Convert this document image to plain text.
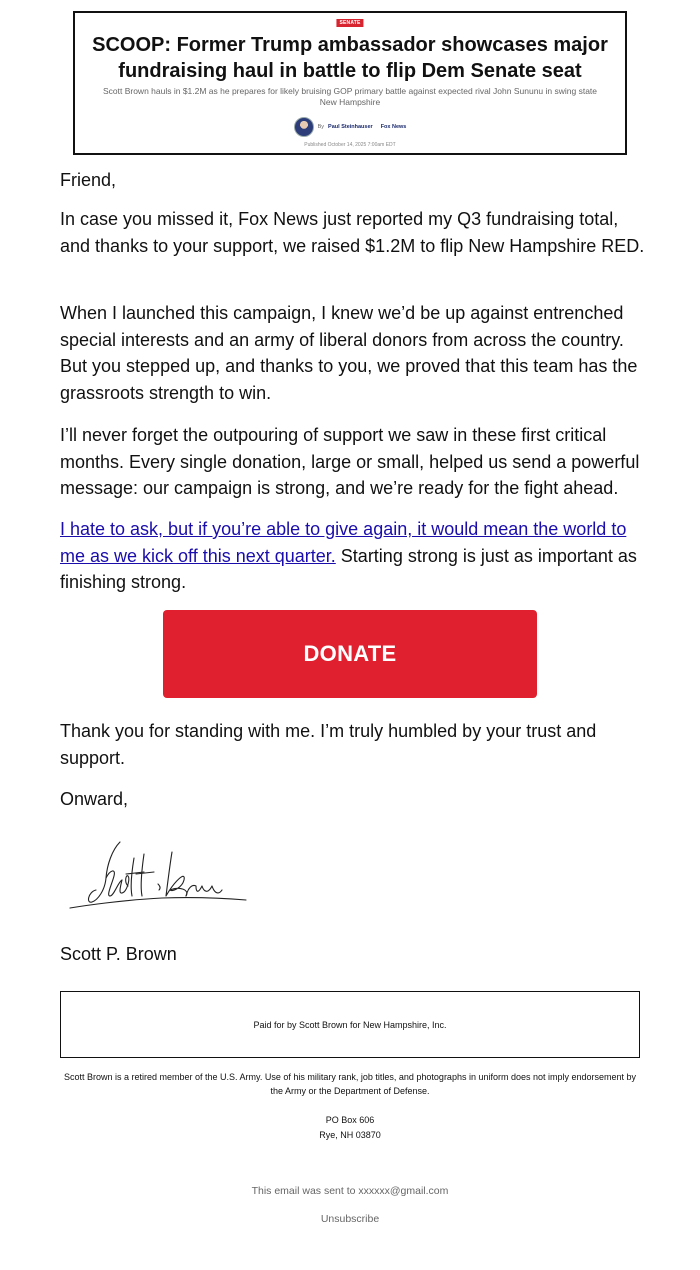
SENATE
SCOOP: Former Trump ambassador showcases major fundraising haul in battle to flip Dem Senate seat
Scott Brown hauls in $1.2M as he prepares for likely bruising GOP primary battle against expected rival John Sununu in swing state New Hampshire
By Paul Steinhauser Fox News
Published October 14, 2025 7:00am EDT

Friend,

In case you missed it, Fox News just reported my Q3 fundraising total, and thanks to your support, we raised $1.2M to flip New Hampshire RED.

When I launched this campaign, I knew we’d be up against entrenched special interests and an army of liberal donors from across the country. But you stepped up, and thanks to you, we proved that this team has the grassroots strength to win.

I’ll never forget the outpouring of support we saw in these first critical months. Every single donation, large or small, helped us send a powerful message: our campaign is strong, and we’re ready for the fight ahead.

I hate to ask, but if you’re able to give again, it would mean the world to me as we kick off this next quarter. Starting strong is just as important as finishing strong.

DONATE

Thank you for standing with me. I’m truly humbled by your trust and support.

Onward,

Scott P. Brown

Paid for by Scott Brown for New Hampshire, Inc.
Scott Brown is a retired member of the U.S. Army. Use of his military rank, job titles, and photographs in uniform does not imply endorsement by the Army or the Department of Defense.
PO Box 606
Rye, NH 03870
This email was sent to xxxxxx@gmail.com
Unsubscribe
